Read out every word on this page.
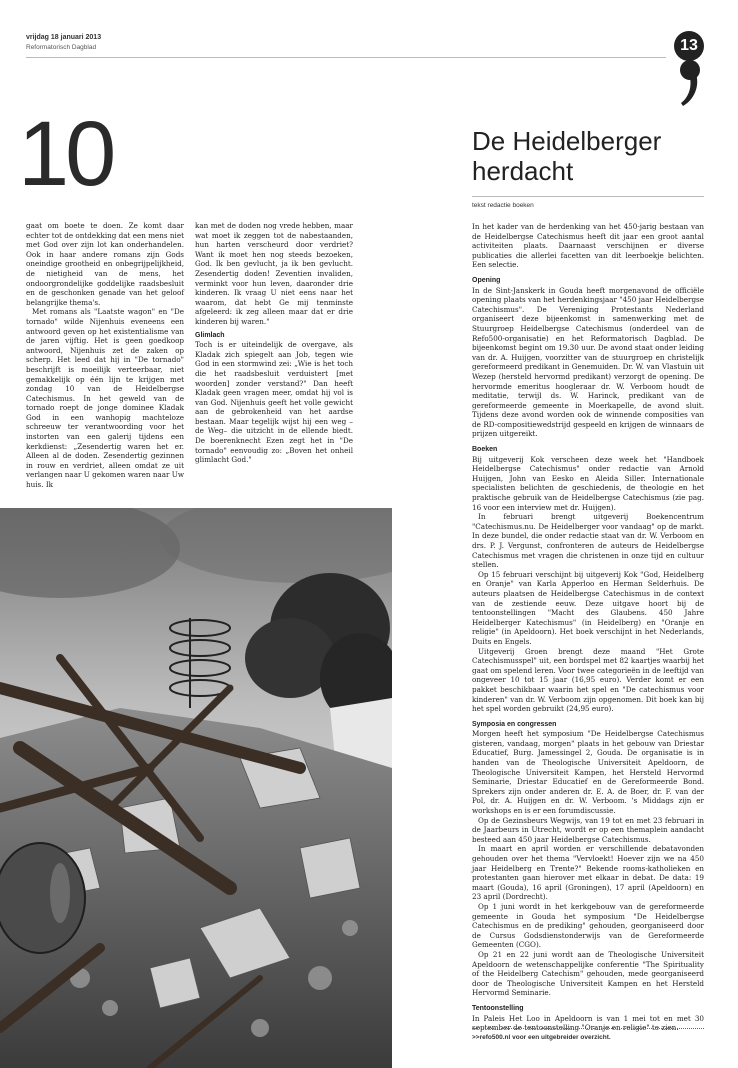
vrijdag 18 januari 2013
Reformatorisch Dagblad	13
10	De Heidelberger
herdacht
tekst redactie boeken

gaat om boete te doen. Ze komt daar echter tot de ontdekking dat een mens niet met God over zijn lot kan onderhandelen. Ook in haar andere romans zijn Gods oneindige grootheid en onbegrijpelijkheid, de nietigheid van de mens, het ondoorgrondelijke goddelijke raadsbesluit en de geschonken genade van het geloof belangrijke thema's.

Met romans als "Laatste wagon" en "De tornado" wilde Nijenhuis eveneens een antwoord geven op het existentialisme van de jaren vijftig. Het is geen goedkoop antwoord, Nijenhuis zet de zaken op scherp. Het leed dat hij in "De tornado" beschrijft is moeilijk verteerbaar, niet gemakkelijk op één lijn te krijgen met zondag 10 van de Heidelbergse Catechismus. In het geweld van de tornado roept de jonge dominee Kladak God in een wanhopig machteloze schreeuw ter verantwoording voor het instorten van een galerij tijdens een kerkdienst: „Zesendertig waren het er. Alleen al de doden. Zesendertig gezinnen in rouw en verdriet, alleen omdat ze uit verlangen naar U gekomen waren naar Uw huis. Ik

kan met de doden nog vrede hebben, maar wat moet ik zeggen tot de nabestaanden, hun harten verscheurd door verdriet? Want ik moet hen nog steeds bezoeken, God. Ik ben gevlucht, ja ik ben gevlucht. Zesendertig doden! Zeventien invaliden, verminkt voor hun leven, daaronder drie kinderen. Ik vraag U niet eens naar het waarom, dat hebt Ge mij tenminste afgeleerd: ik zeg alleen maar dat er drie kinderen bij waren."

Glimlach

Toch is er uiteindelijk de overgave, als Kladak zich spiegelt aan Job, tegen wie God in een stormwind zei: „Wie is het toch die het raadsbesluit verduistert [met woorden] zonder verstand?" Dan heeft Kladak geen vragen meer, omdat hij vol is van God. Nijenhuis geeft het volle gewicht aan de gebrokenheid van het aardse bestaan. Maar tegelijk wijst hij een weg –de Weg– die uitzicht in de ellende biedt. De boerenknecht Ezen zegt het in "De tornado" eenvoudig zo: „Boven het onheil glimlacht God."

In het kader van de herdenking van het 450-jarig bestaan van de Heidelbergse Catechismus heeft dit jaar een groot aantal activiteiten plaats. Daarnaast verschijnen er diverse publicaties die allerlei facetten van dit leerboekje belichten. Een selectie.

Opening

In de Sint-Janskerk in Gouda heeft morgenavond de officiële opening plaats van het herdenkingsjaar "450 jaar Heidelbergse Catechismus". De Vereniging Protestants Nederland organiseert deze bijeenkomst in samenwerking met de Stuurgroep Heidelbergse Catechismus (onderdeel van de Refo500-organisatie) en het Reformatorisch Dagblad. De bijeenkomst begint om 19.30 uur. De avond staat onder leiding van dr. A. Huijgen, voorzitter van de stuurgroep en christelijk gereformeerd predikant in Genemuiden. Dr. W. van Vlastuin uit Wezep (hersteld hervormd predikant) verzorgt de opening. De hervormde emeritus hoogleraar dr. W. Verboom houdt de meditatie, terwijl ds. W. Harinck, predikant van de gereformeerde gemeente in Moerkapelle, de avond sluit. Tijdens deze avond worden ook de winnende composities van de RD-compositiewedstrijd gespeeld en krijgen de winnaars de prijzen uitgereikt.

Boeken

Bij uitgeverij Kok verscheen deze week het "Handboek Heidelbergse Catechismus" onder redactie van Arnold Huijgen, John van Eesko en Aleida Siller. Internationale specialisten belichten de geschiedenis, de theologie en het praktische gebruik van de Heidelbergse Catechismus (zie pag. 16 voor een interview met dr. Huijgen).

In februari brengt uitgeverij Boekencentrum "Catechismus.nu. De Heidelberger voor vandaag" op de markt. In deze bundel, die onder redactie staat van dr. W. Verboom en drs. P. J. Vergunst, confronteren de auteurs de Heidelbergse Catechismus met vragen die christenen in onze tijd en cultuur stellen.

Op 15 februari verschijnt bij uitgeverij Kok "God, Heidelberg en Oranje" van Karla Apperloo en Herman Selderhuis. De auteurs plaatsen de Heidelbergse Catechismus in de context van de zestiende eeuw. Deze uitgave hoort bij de tentoonstellingen "Macht des Glaubens. 450 Jahre Heidelberger Katechismus" (in Heidelberg) en "Oranje en religie" (in Apeldoorn). Het boek verschijnt in het Nederlands, Duits en Engels.

Uitgeverij Groen brengt deze maand "Het Grote Catechismusspel" uit, een bordspel met 82 kaartjes waarbij het gaat om spelend leren. Voor twee categorieën in de leeftijd van ongeveer 10 tot 15 jaar (16,95 euro). Verder komt er een pakket beschikbaar waarin het spel en "De catechismus voor kinderen" van dr. W. Verboom zijn opgenomen. Dit boek kan bij het spel worden gebruikt (24,95 euro).

Symposia en congressen

Morgen heeft het symposium "De Heidelbergse Catechismus gisteren, vandaag, morgen" plaats in het gebouw van Driestar Educatief, Burg. Jamessingel 2, Gouda. De organisatie is in handen van de Theologische Universiteit Apeldoorn, de Theologische Universiteit Kampen, het Hersteld Hervormd Seminarie, Driestar Educatief en de Gereformeerde Bond. Sprekers zijn onder anderen dr. E. A. de Boer, dr. F. van der Pol, dr. A. Huijgen en dr. W. Verboom. 's Middags zijn er workshops en is er een forumdiscussie.

Op de Gezinsbeurs Wegwijs, van 19 tot en met 23 februari in de Jaarbeurs in Utrecht, wordt er op een themaplein aandacht besteed aan 450 jaar Heidelbergse Catechismus.

In maart en april worden er verschillende debatavonden gehouden over het thema "Vervloekt! Hoever zijn we na 450 jaar Heidelberg en Trente?" Bekende rooms-katholieken en protestanten gaan hierover met elkaar in debat. De data: 19 maart (Gouda), 16 april (Groningen), 17 april (Apeldoorn) en 23 april (Dordrecht).

Op 1 juni wordt in het kerkgebouw van de gereformeerde gemeente in Gouda het symposium "De Heidelbergse Catechismus en de prediking" gehouden, georganiseerd door de Cursus Godsdienstonderwijs van de Gereformeerde Gemeenten (CGO).

Op 21 en 22 juni wordt aan de Theologische Universiteit Apeldoorn de wetenschappelijke conferentie "The Spirituality of the Heidelberg Catechism" gehouden, mede georganiseerd door de Theologische Universiteit Kampen en het Hersteld Hervormd Seminarie.

Tentoonstelling

In Paleis Het Loo in Apeldoorn is van 1 mei tot en met 30 september de tentoonstelling "Oranje en religie" te zien.

>>refo500.nl voor een uitgebreider overzicht.
